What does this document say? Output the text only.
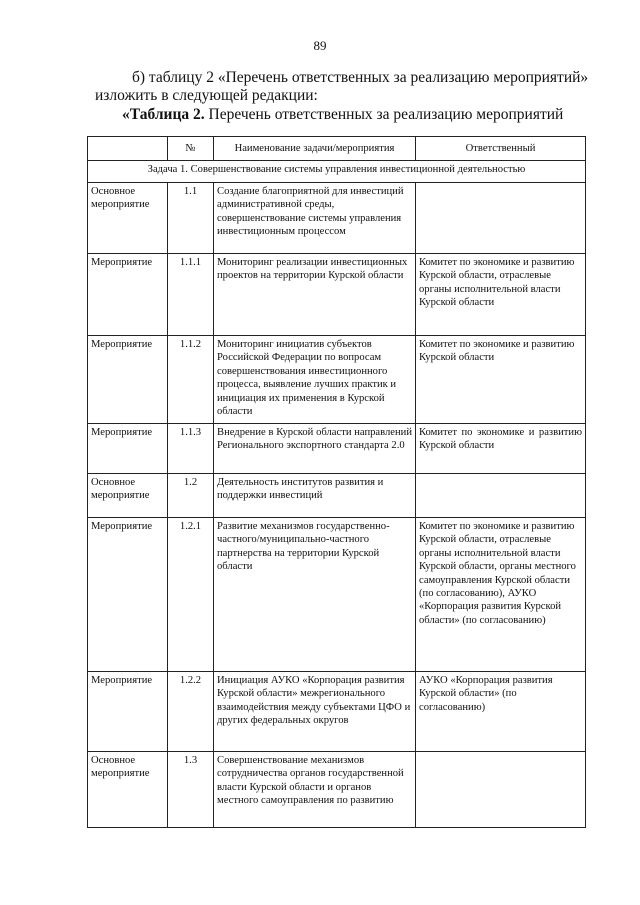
89
б) таблицу 2 «Перечень ответственных за реализацию мероприятий»
изложить в следующей редакции:
«Таблица 2. Перечень ответственных за реализацию мероприятий
	№	Наименование задачи/мероприятия	Ответственный
Задача 1. Совершенствование системы управления инвестиционной деятельностью			
Основное мероприятие	1.1	Создание благоприятной для инвестиций административной среды, совершенствование системы управления инвестиционным процессом	
Мероприятие	1.1.1	Мониторинг реализации инвестиционных проектов на территории Курской области	Комитет по экономике и развитию Курской области, отраслевые органы исполнительной власти Курской области
Мероприятие	1.1.2	Мониторинг инициатив субъектов Российской Федерации по вопросам совершенствования инвестиционного процесса, выявление лучших практик и инициация их применения в Курской области	Комитет по экономике и развитию Курской области
Мероприятие	1.1.3	Внедрение в Курской области направлений Регионального экспортного стандарта 2.0	Комитет по экономике и развитию Курской области
Основное мероприятие	1.2	Деятельность институтов развития и поддержки инвестиций	
Мероприятие	1.2.1	Развитие механизмов государственно-частного/муниципально-частного партнерства на территории Курской области	Комитет по экономике и развитию Курской области, отраслевые органы исполнительной власти Курской области, органы местного самоуправления Курской области (по согласованию), АУКО «Корпорация развития Курской области» (по согласованию)
Мероприятие	1.2.2	Инициация АУКО «Корпорация развития Курской области» межрегионального взаимодействия между субъектами ЦФО и других федеральных округов	АУКО «Корпорация развития Курской области» (по согласованию)
Основное мероприятие	1.3	Совершенствование механизмов сотрудничества органов государственной власти Курской области и органов местного самоуправления по развитию	
